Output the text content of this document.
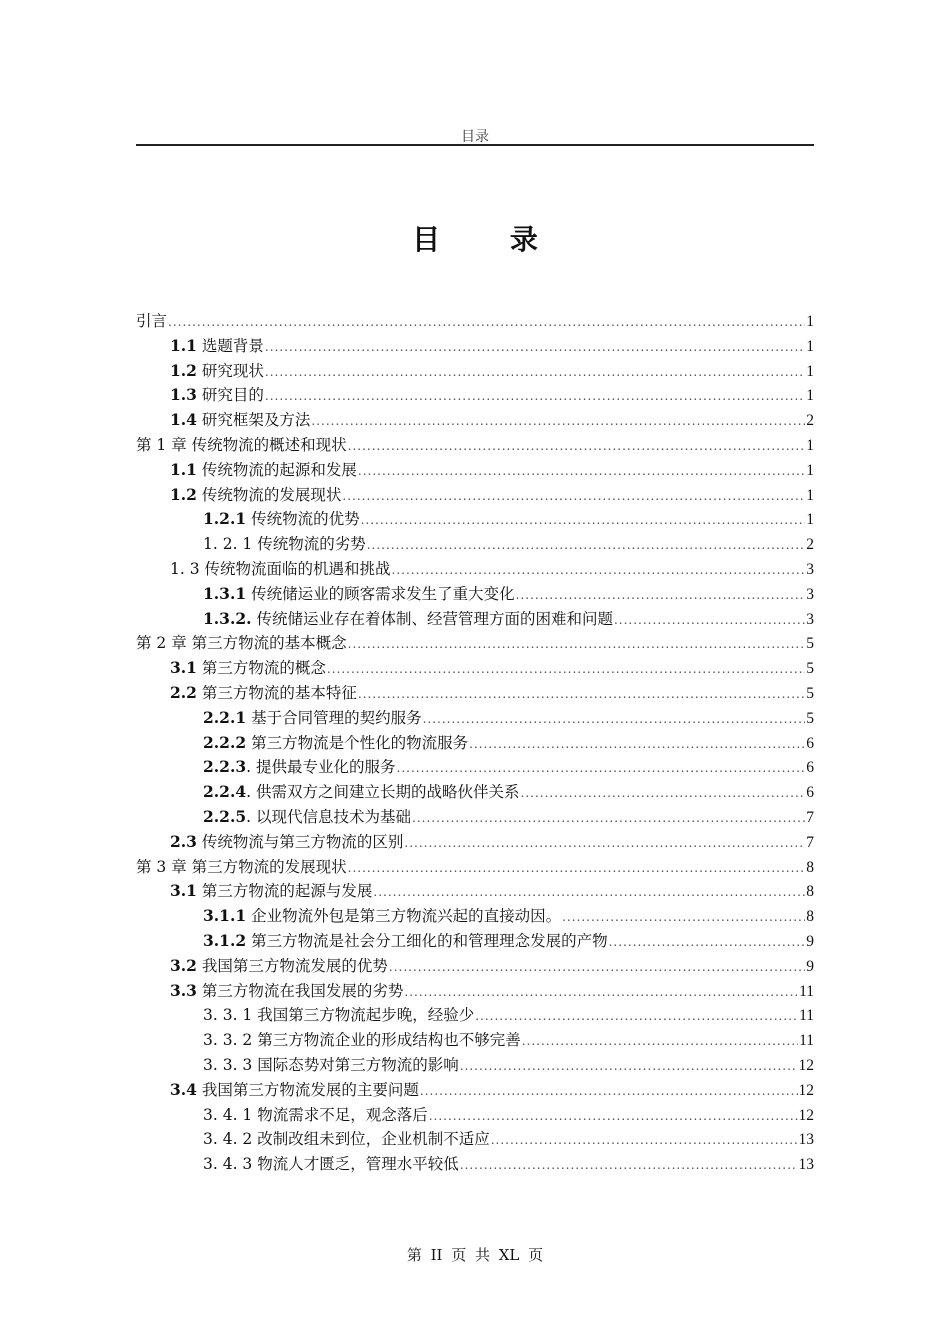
目录
目 录
引言 .....	1
1.1 选题背景 .....	1
1.2 研究现状 .....	1
1.3 研究目的 .....	1
1.4 研究框架及方法 .....	2
第 1 章 传统物流的概述和现状 .....	1
1.1 传统物流的起源和发展 .....	1
1.2 传统物流的发展现状 .....	1
1.2.1 传统物流的优势 .....	1
1. 2. 1 传统物流的劣势 .....	2
1. 3 传统物流面临的机遇和挑战 .....	3
1.3.1 传统储运业的顾客需求发生了重大变化 .....	3
1.3.2. 传统储运业存在着体制、经营管理方面的困难和问题 .....	3
第 2 章 第三方物流的基本概念 .....	5
3.1 第三方物流的概念 .....	5
2.2 第三方物流的基本特征 .....	5
2.2.1 基于合同管理的契约服务 .....	5
2.2.2 第三方物流是个性化的物流服务 .....	6
2.2.3. 提供最专业化的服务 .....	6
2.2.4. 供需双方之间建立长期的战略伙伴关系 .....	6
2.2.5. 以现代信息技术为基础 .....	7
2.3 传统物流与第三方物流的区别 .....	7
第 3 章 第三方物流的发展现状 .....	8
3.1 第三方物流的起源与发展 .....	8
3.1.1 企业物流外包是第三方物流兴起的直接动因。 .....	8
3.1.2 第三方物流是社会分工细化的和管理理念发展的产物 .....	9
3.2 我国第三方物流发展的优势 .....	9
3.3 第三方物流在我国发展的劣势 .....	11
3. 3. 1 我国第三方物流起步晚，经验少 .....	11
3. 3. 2 第三方物流企业的形成结构也不够完善 .....	11
3. 3. 3 国际态势对第三方物流的影响 .....	12
3.4 我国第三方物流发展的主要问题 .....	12
3. 4. 1 物流需求不足，观念落后 .....	12
3. 4. 2 改制改组未到位，企业机制不适应 .....	13
3. 4. 3 物流人才匮乏，管理水平较低 .....	13
第 II 页 共 XL 页
